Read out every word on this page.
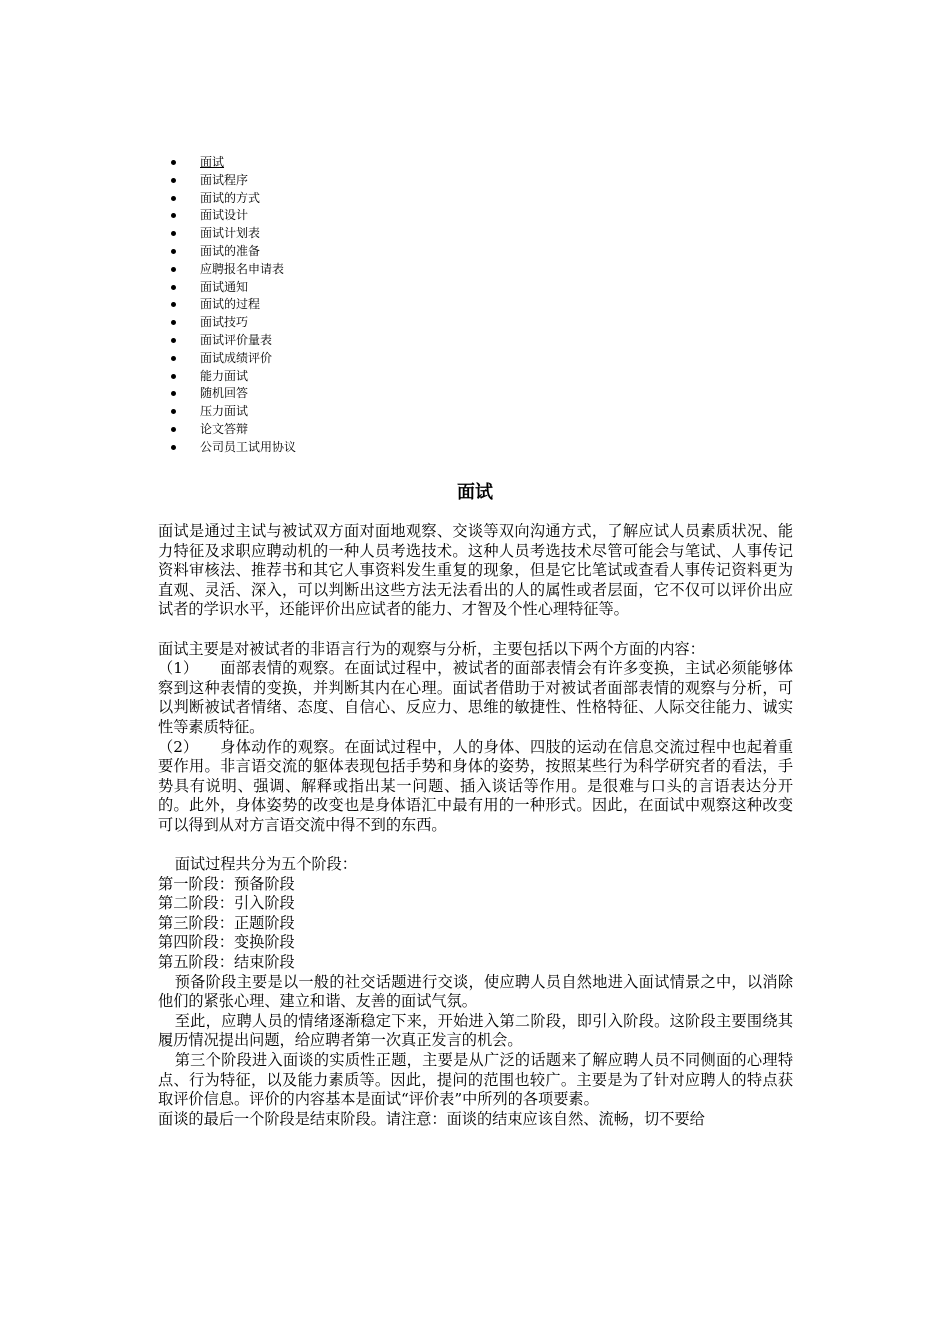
面试
面试程序
面试的方式
面试设计
面试计划表
面试的准备
应聘报名申请表
面试通知
面试的过程
面试技巧
面试评价量表
面试成绩评价
能力面试
随机回答
压力面试
论文答辩
公司员工试用协议
面试

面试是通过主试与被试双方面对面地观察、交谈等双向沟通方式，了解应试人员素质状况、能力特征及求职应聘动机的一种人员考选技术。这种人员考选技术尽管可能会与笔试、人事传记资料审核法、推荐书和其它人事资料发生重复的现象，但是它比笔试或查看人事传记资料更为直观、灵活、深入，可以判断出这些方法无法看出的人的属性或者层面，它不仅可以评价出应试者的学识水平，还能评价出应试者的能力、才智及个性心理特征等。

面试主要是对被试者的非语言行为的观察与分析，主要包括以下两个方面的内容：

（1） 面部表情的观察。在面试过程中，被试者的面部表情会有许多变换，主试必须能够体察到这种表情的变换，并判断其内在心理。面试者借助于对被试者面部表情的观察与分析，可以判断被试者情绪、态度、自信心、反应力、思维的敏捷性、性格特征、人际交往能力、诚实性等素质特征。

（2） 身体动作的观察。在面试过程中，人的身体、四肢的运动在信息交流过程中也起着重要作用。非言语交流的躯体表现包括手势和身体的姿势，按照某些行为科学研究者的看法，手势具有说明、强调、解释或指出某一问题、插入谈话等作用。是很难与口头的言语表达分开的。此外，身体姿势的改变也是身体语汇中最有用的一种形式。因此，在面试中观察这种改变可以得到从对方言语交流中得不到的东西。

面试过程共分为五个阶段：

第一阶段：预备阶段

第二阶段：引入阶段

第三阶段：正题阶段

第四阶段：变换阶段

第五阶段：结束阶段

预备阶段主要是以一般的社交话题进行交谈，使应聘人员自然地进入面试情景之中，以消除他们的紧张心理、建立和谐、友善的面试气氛。

至此，应聘人员的情绪逐渐稳定下来，开始进入第二阶段，即引入阶段。这阶段主要围绕其履历情况提出问题，给应聘者第一次真正发言的机会。

第三个阶段进入面谈的实质性正题，主要是从广泛的话题来了解应聘人员不同侧面的心理特点、行为特征，以及能力素质等。因此，提问的范围也较广。主要是为了针对应聘人的特点获取评价信息。评价的内容基本是面试“评价表”中所列的各项要素。

面谈的最后一个阶段是结束阶段。请注意：面谈的结束应该自然、流畅，切不要给
